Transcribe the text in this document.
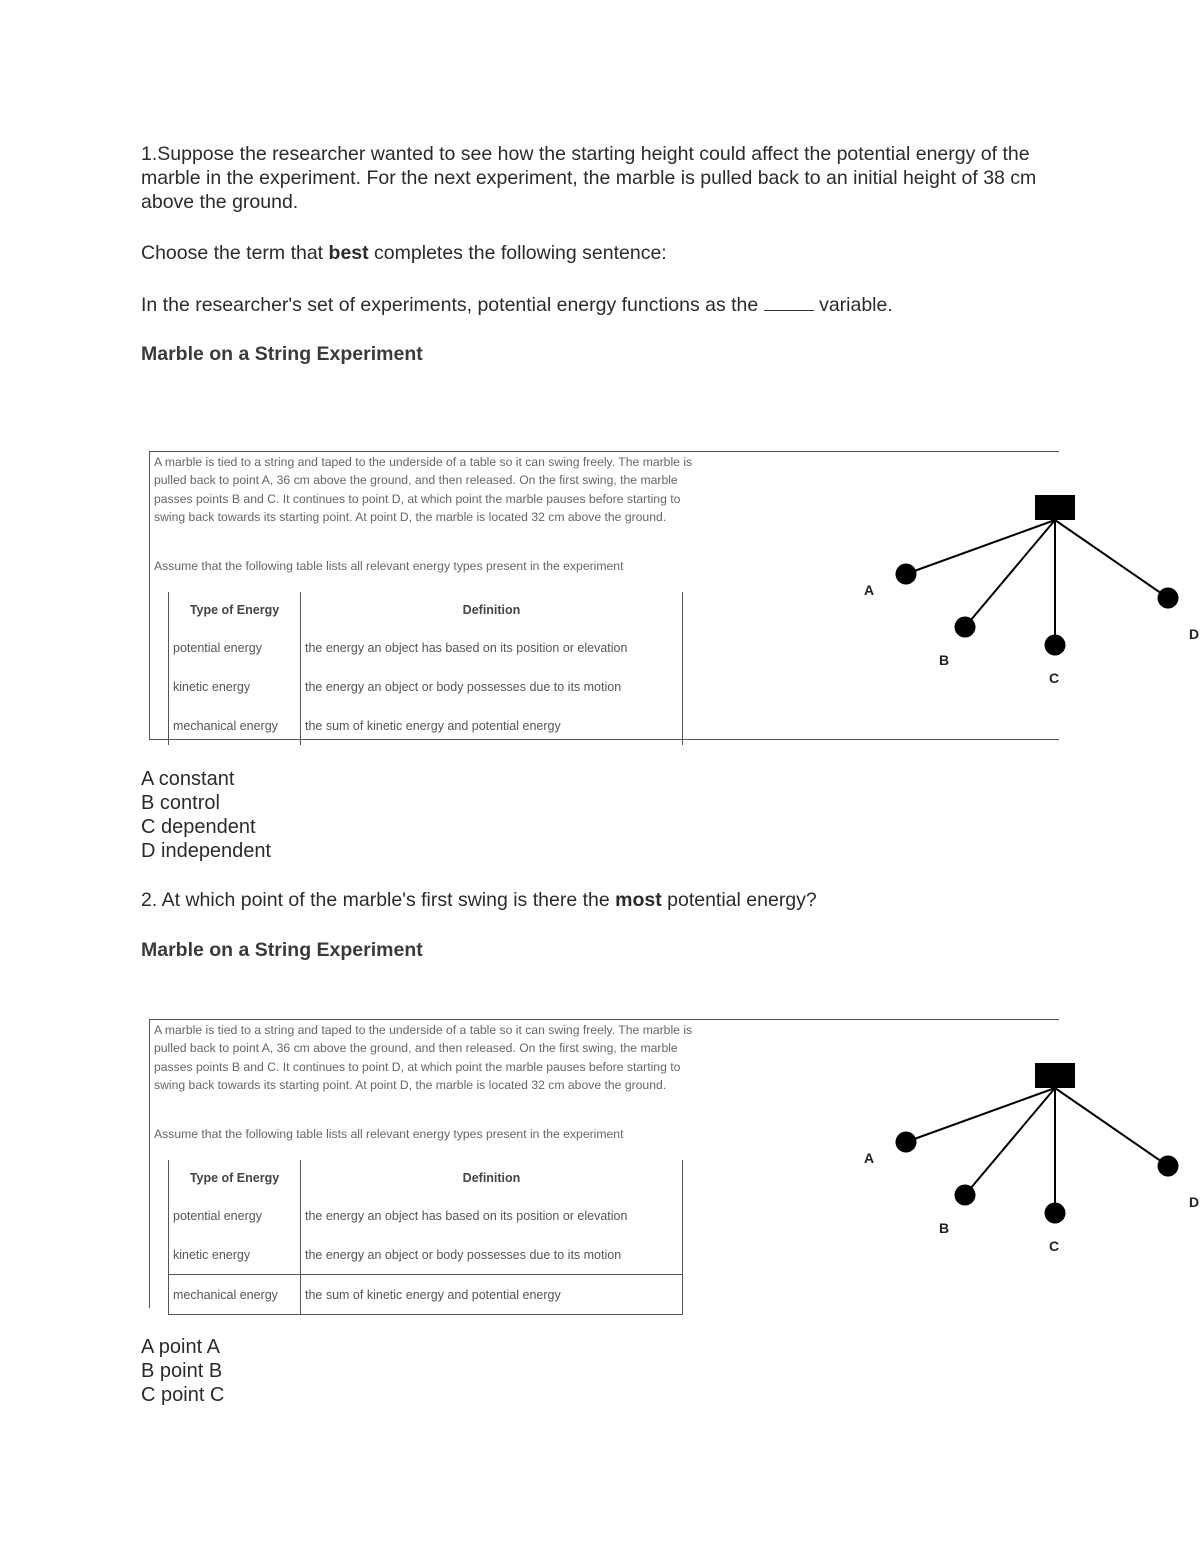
1.Suppose the researcher wanted to see how the starting height could affect the potential energy of the marble in the experiment. For the next experiment, the marble is pulled back to an initial height of 38 cm above the ground.

Choose the term that best completes the following sentence:

In the researcher's set of experiments, potential energy functions as the	variable.

Marble on a String Experiment
A marble is tied to a string and taped to the underside of a table so it can swing freely. The marble is pulled back to point A, 36 cm above the ground, and then released. On the first swing, the marble passes points B and C. It continues to point D, at which point the marble pauses before starting to swing back towards its starting point. At point D, the marble is located 32 cm above the ground.
Assume that the following table lists all relevant energy types present in the experiment
Type of Energy	Definition
potential energy	the energy an object has based on its position or elevation
kinetic energy	the energy an object or body possesses due to its motion
mechanical energy	the sum of kinetic energy and potential energy
A
B
C
D
A constant
B control
C dependent
D independent

2. At which point of the marble's first swing is there the most potential energy?

Marble on a String Experiment
A marble is tied to a string and taped to the underside of a table so it can swing freely. The marble is pulled back to point A, 36 cm above the ground, and then released. On the first swing, the marble passes points B and C. It continues to point D, at which point the marble pauses before starting to swing back towards its starting point. At point D, the marble is located 32 cm above the ground.
Assume that the following table lists all relevant energy types present in the experiment
Type of Energy	Definition
potential energy	the energy an object has based on its position or elevation
kinetic energy	the energy an object or body possesses due to its motion
mechanical energy	the sum of kinetic energy and potential energy
A
B
C
D
A point A
B point B
C point C
